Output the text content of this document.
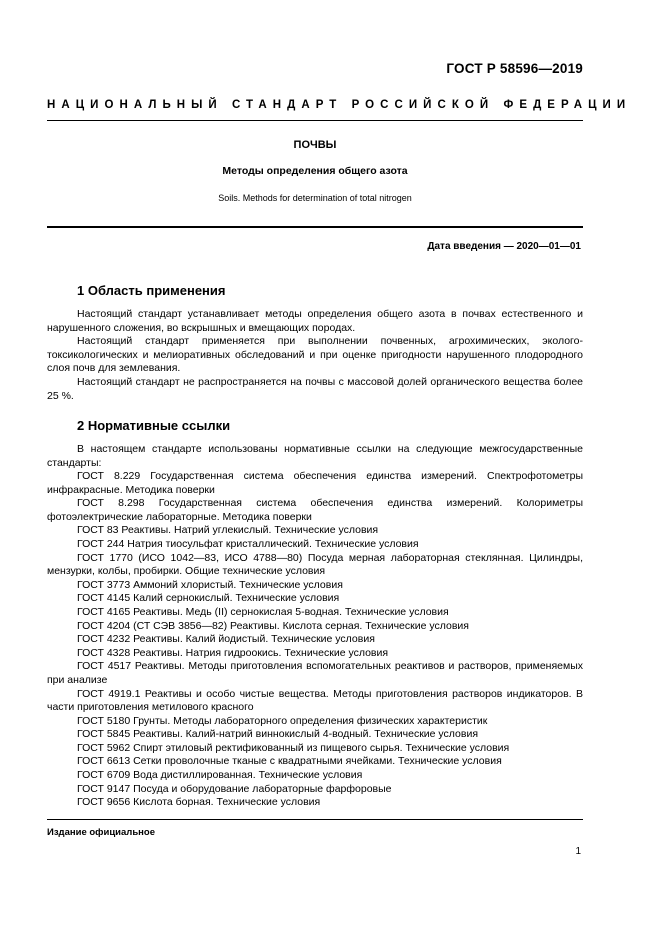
ГОСТ Р 58596—2019
НАЦИОНАЛЬНЫЙ СТАНДАРТ РОССИЙСКОЙ ФЕДЕРАЦИИ
ПОЧВЫ
Методы определения общего азота
Soils. Methods for determination of total nitrogen
Дата введения — 2020—01—01
1 Область применения

Настоящий стандарт устанавливает методы определения общего азота в почвах естественного и нарушенного сложения, во вскрышных и вмещающих породах.

Настоящий стандарт применяется при выполнении почвенных, агрохимических, эколого-токсикологических и мелиоративных обследований и при оценке пригодности нарушенного плодородного слоя почв для землевания.

Настоящий стандарт не распространяется на почвы с массовой долей органического вещества более 25 %.

2 Нормативные ссылки

В настоящем стандарте использованы нормативные ссылки на следующие межгосударственные стандарты:

ГОСТ 8.229 Государственная система обеспечения единства измерений. Спектрофотометры инфракрасные. Методика поверки
ГОСТ 8.298 Государственная система обеспечения единства измерений. Колориметры фотоэлектрические лабораторные. Методика поверки
ГОСТ 83 Реактивы. Натрий углекислый. Технические условия
ГОСТ 244 Натрия тиосульфат кристаллический. Технические условия
ГОСТ 1770 (ИСО 1042—83, ИСО 4788—80) Посуда мерная лабораторная стеклянная. Цилиндры, мензурки, колбы, пробирки. Общие технические условия
ГОСТ 3773 Аммоний хлористый. Технические условия
ГОСТ 4145 Калий сернокислый. Технические условия
ГОСТ 4165 Реактивы. Медь (II) сернокислая 5-водная. Технические условия
ГОСТ 4204 (СТ СЭВ 3856—82) Реактивы. Кислота серная. Технические условия
ГОСТ 4232 Реактивы. Калий йодистый. Технические условия
ГОСТ 4328 Реактивы. Натрия гидроокись. Технические условия
ГОСТ 4517 Реактивы. Методы приготовления вспомогательных реактивов и растворов, применяемых при анализе
ГОСТ 4919.1 Реактивы и особо чистые вещества. Методы приготовления растворов индикаторов. В части приготовления метилового красного
ГОСТ 5180 Грунты. Методы лабораторного определения физических характеристик
ГОСТ 5845 Реактивы. Калий-натрий виннокислый 4-водный. Технические условия
ГОСТ 5962 Спирт этиловый ректификованный из пищевого сырья. Технические условия
ГОСТ 6613 Сетки проволочные тканые с квадратными ячейками. Технические условия
ГОСТ 6709 Вода дистиллированная. Технические условия
ГОСТ 9147 Посуда и оборудование лабораторные фарфоровые
ГОСТ 9656 Кислота борная. Технические условия
Издание официальное
1
